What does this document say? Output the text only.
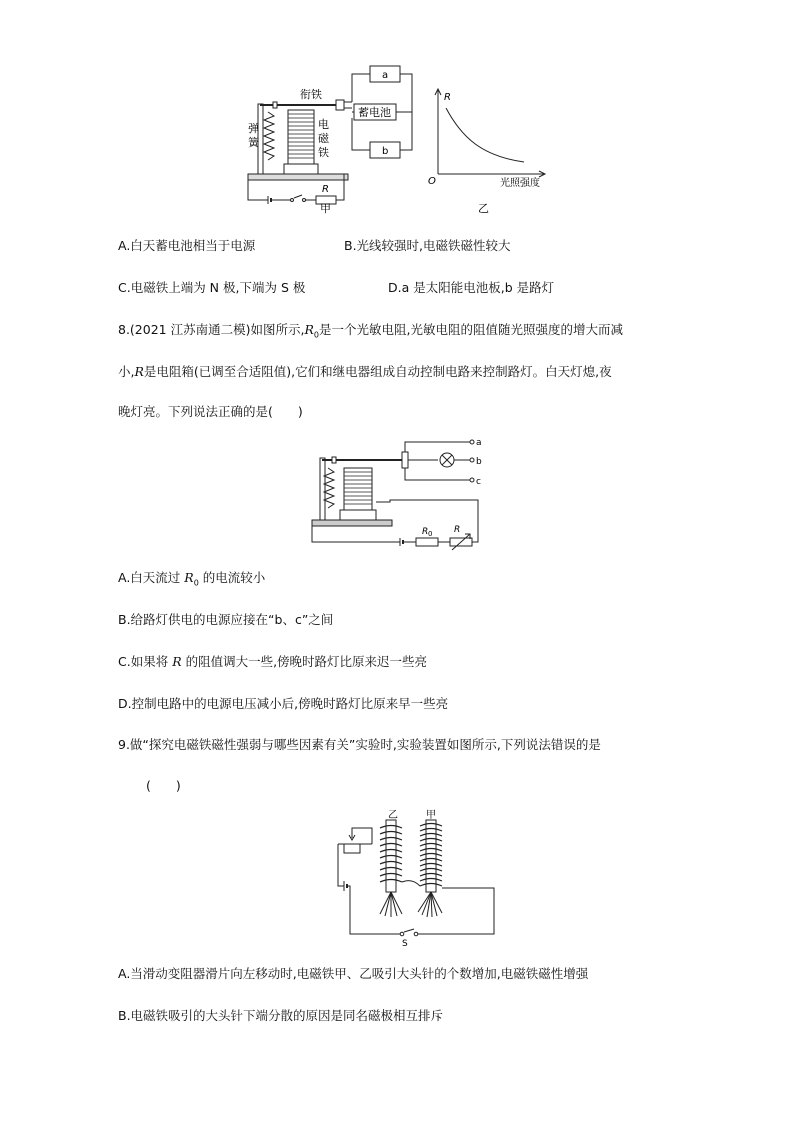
衔铁
弹
簧
电
磁
铁
a
蓄电池
b
R
甲
R
O	光照强度
乙
A.白天蓄电池相当于电源	B.光线较强时,电磁铁磁性较大
C.电磁铁上端为 N 极,下端为 S 极	D.a 是太阳能电池板,b 是路灯
8.(2021 江苏南通二模)如图所示$,R_0$是一个光敏电阻,光敏电阻的阻值随光照强度的增大而减
小,R是电阻箱(已调至合适阻值),它们和继电器组成自动控制电路来控制路灯。白天灯熄,夜
晚灯亮。下列说法正确的是(　　)
a
b
c
R 0 R
A.白天流过 $R_0$ 的电流较小
B.给路灯供电的电源应接在“b、c”之间
C.如果将 R 的阻值调大一些,傍晚时路灯比原来迟一些亮
D.控制电路中的电源电压减小后,傍晚时路灯比原来早一些亮
9.做“探究电磁铁磁性强弱与哪些因素有关”实验时,实验装置如图所示,下列说法错误的是
(　　)
乙	甲
S
A.当滑动变阻器滑片向左移动时,电磁铁甲、乙吸引大头针的个数增加,电磁铁磁性增强
B.电磁铁吸引的大头针下端分散的原因是同名磁极相互排斥
